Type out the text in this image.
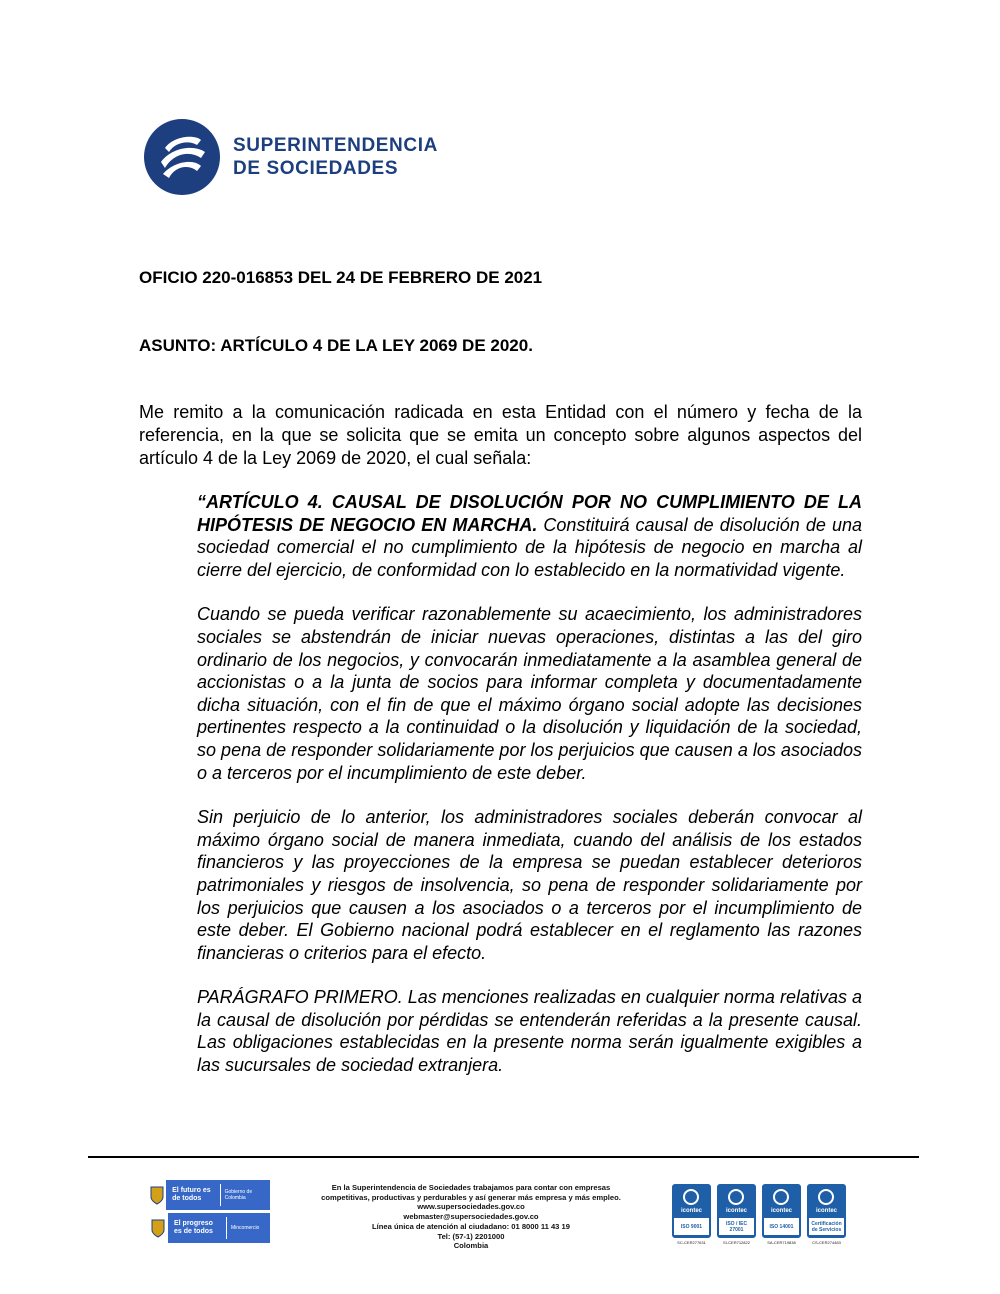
SUPERINTENDENCIA
DE SOCIEDADES
OFICIO 220-016853 DEL 24 DE FEBRERO DE 2021
ASUNTO: ARTÍCULO 4 DE LA LEY 2069 DE 2020.

Me remito a la comunicación radicada en esta Entidad con el número y fecha de la referencia, en la que se solicita que se emita un concepto sobre algunos aspectos del artículo 4 de la Ley 2069 de 2020, el cual señala:

“ARTÍCULO 4. CAUSAL DE DISOLUCIÓN POR NO CUMPLIMIENTO DE LA HIPÓTESIS DE NEGOCIO EN MARCHA. Constituirá causal de disolución de una sociedad comercial el no cumplimiento de la hipótesis de negocio en marcha al cierre del ejercicio, de conformidad con lo establecido en la normatividad vigente.

Cuando se pueda verificar razonablemente su acaecimiento, los administradores sociales se abstendrán de iniciar nuevas operaciones, distintas a las del giro ordinario de los negocios, y convocarán inmediatamente a la asamblea general de accionistas o a la junta de socios para informar completa y documentadamente dicha situación, con el fin de que el máximo órgano social adopte las decisiones pertinentes respecto a la continuidad o la disolución y liquidación de la sociedad, so pena de responder solidariamente por los perjuicios que causen a los asociados o a terceros por el incumplimiento de este deber.

Sin perjuicio de lo anterior, los administradores sociales deberán convocar al máximo órgano social de manera inmediata, cuando del análisis de los estados financieros y las proyecciones de la empresa se puedan establecer deterioros patrimoniales y riesgos de insolvencia, so pena de responder solidariamente por los perjuicios que causen a los asociados o a terceros por el incumplimiento de este deber. El Gobierno nacional podrá establecer en el reglamento las razones financieras o criterios para el efecto.

PARÁGRAFO PRIMERO. Las menciones realizadas en cualquier norma relativas a la causal de disolución por pérdidas se entenderán referidas a la presente causal. Las obligaciones establecidas en la presente norma serán igualmente exigibles a las sucursales de sociedad extranjera.

El futuro es de todos
Gobierno de Colombia
El progreso es de todos	Mincomercio
En la Superintendencia de Sociedades trabajamos para contar con empresas
competitivas, productivas y perdurables y así generar más empresa y más empleo.
www.supersociedades.gov.co
webmaster@supersociedades.gov.co
Línea única de atención al ciudadano: 01 8000 11 43 19
Tel: (57-1) 2201000
Colombia
icontec
ISO 9001
SC-CER277631
icontec
ISO / IEC 27001
SI-CER712822
icontec
ISO 14001
SA-CER719838
icontec
Certificación de Servicios
CS-CER274483
